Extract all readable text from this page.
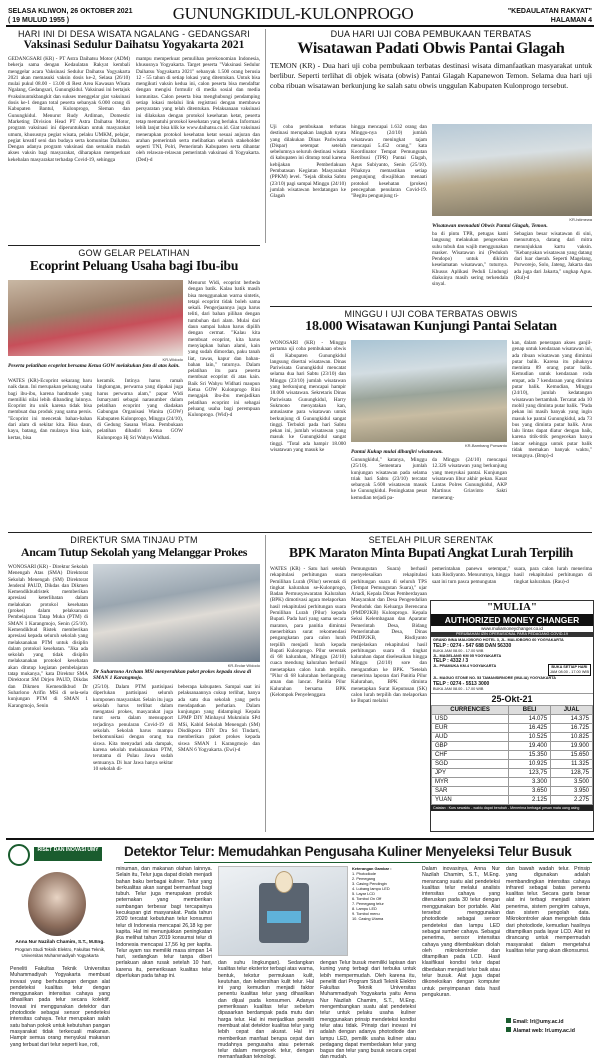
SELASA KLIWON, 26 OKTOBER 2021
( 19 MULUD 1955 )	GUNUNGKIDUL-KULONPROGO	"KEDAULATAN RAKYAT"
HALAMAN 4
HARI INI DI DESA WISATA NGALANG - GEDANGSARI
Vaksinasi Sedulur Daihatsu Yogyakarta 2021
GEDANGSARI (KR) - PT Astra Daihatsu Motor (ADM) bekerja sama dengan Kedaulatan Rakyat kembali menggelar acara Vaksinasi Sedulur Daihatsu Yogyakarta 2021 akan memasuki vaksin dosis ke-2, Selasa (26/10) mulai pukul 08.00 - 13.00 di Rest Area Kawasan Wisata Ngalang, Gedangsari, Gunungkidul. Vaksinasi ini bertajuk #vaksinuntukbangkit dan sukses menggelar giat vaksinasi dosis ke-1 dengan total peserta sebanyak 6.000 orang di Kabupaten Bantul, Kulonprogo, Sleman dan Gunungkidul. Menurut Rudy Ardiman, Domestic Marketing Division Head PT Astra Daihatsu Motor, program vaksinasi ini diperuntukkan untuk masyarakat umum, khususnya pegiat wisata, pelaku UMKM, pelajar, pegiat kreatif seni dan budaya serta komunitas Daihatsu. Dengan adanya program vaksinasi dan semakin mudah akses vaksin bagi masyarakat, diharapkan memperkuat kekebalan masyarakat terhadap Covid-19, sehingga
mampu memperkuat pemulihan perekonomian Indonesia, khususnya Yogyakarta. Target peserta "Vaksinasi Sedulur Daihatsu Yogyakarta 2021" sebanyak 1.500 orang berusia 12 - 55 tahun di setiap lokasi yang ditentukan. Untuk bisa mengikuti vaksin kedua ini, calon peserta bisa mendaftar dengan mengisi formulir di media sosial dan media komunitas. Calon peserta bisa menghubungi pendamping setiap lokasi melalui link registrasi dengan membawa persyaratan yang telah ditentukan. Pelaksanaan vaksinasi ini dilakukan dengan protokol kesehatan ketat, peserta tetap mematuhi protokol kesehatan yang berlaku. Informasi lebih lanjut bisa klik ke www.daihatsu.co.id. Giat vaksinasi menerapkan protokol kesehatan ketat sesuai anjuran dan arahan pemerintah serta melibatkan seluruh stakeholder seperti TNI, Polri, Pemerintah Kabupaten serta dihantar oleh relawan-relawan pemerintah vaksinasi di Yogyakarta. (Ded)-d
DUA HARI UJI COBA PEMBUKAAN TERBATAS
Wisatawan Padati Obwis Pantai Glagah
TEMON (KR) - Dua hari uji coba pembukaan terbatas destinasi wisata dimanfaatkan masyarakat untuk berlibur. Seperti terlihat di objek wisata (obwis) Pantai Glagah Kapanewon Temon. Selama dua hari uji coba ribuan wisatawan berkunjung ke salah satu obwis unggulan Kabupaten Kulonprogo tersebut.
Uji coba pembukaan terbatas destinasi merupakan langkah nyata yang dilakukan Dinas Pariwisata (Dispar) setempat setelah sebelumnya seluruh destinasi wisata di kabupaten ini ditutup total karena kebijakan Pemberlakuan Pembatasan Kegiatan Masyarakat (PPKM) level. "Sejak dibuka Sabtu (23/10) pagi sampai Minggu (24/10) jumlah wisatawan berdatangan ke Glagah
hingga mencapai 1.632 orang dan Minggu-nya (24/10) jumlah wisatawan meningkat tajam mencapai 5.452 orang," kata Koordinator Tempat Pemungutan Retribusi (TPR) Pantai Glagah, Agus Subiyanto, Senin (25/10). Pihaknya memastikan setiap pengunjung diwajibkan menaati protokol kesehatan (prokes) pencegahan penularan Covid-19. "Begitu pengunjung ti-
KR-Istimewa
Wisatawan memadati Obwis Pantai Glagah, Temon.
ba di pintu TPR, petugas kami langsung melakukan pengecekan suhu tubuh dan wajib menggunakan masker. Wisatawan ini (Pedukuh Pendopo) untuk dikirim keselamatan wisatawan," tuturnya. Khusus Aplikasi Peduli Lindungi diakuinya masih sering terkendala sinyal.
Sebagian besar wisatawan di sini, menurutnya, datang dari mitra menunjukkan kartu vaksin. "Kebanyakan wisatawan yang datang dari luar daerah. Seperti Magelang, Purworejo, Solo, Jateng, Jakarta dan ada juga dari Jakarta," ungkap Agus. (Rul)-d
GOW GELAR PELATIHAN
Ecoprint Peluang Usaha bagi Ibu-ibu
KR-Widodo
Peserta pelatihan ecoprint bersama Ketua GOW melakukan foto di atas kain.
WATES (KR)-Ecoprint sekarang baru naik daun. Ini merupakan peluang usaha bagi ibu-ibu, karena handmade yang memiliki nilai lebih dibanding lainnya. Ecoprint itu unik karena tidak bisa membuat dua produk yang sama persis. "Ecoprint ini mencetak bahan-bahan dari alam di sekitar kita. Bisa daun, kayu, batang, dan mulanya bisa kain, kertas, bisa
keramik. Intinya harus ramah lingkungan, perwarna yang dipakai juga harus perwarna alam," papar Widi Ismaryanti sebagai narasumber dalam pelatihan ecoprint yang diadakan Gabungan Organisasi Wanita (GOW) Kabupaten Kulonprogo, Minggu (24/10), di Gedung Sasana Wiasa. Pembukaan pelatihan dihadiri Ketua GOW Kulonprogo Hj Sri Wahyu Widhati.
Menurut Widi, ecoprint berbeda dengan batik. Kalau batik masih bisa menggunakan warna sintetis, tetapi ecoprint tidak boleh sama sekali. Pengerjaannya juga harus teliti, dari bahan pilihan dengan tumbuhan dari alam. Mulai dari daun sampai bahan harus dipilih dengan cermat. "Kalau kita membuat ecoprint, kita harus menyiapkan bahan alami, kain yang sudah dimordan, paku tanah liat, tawas, kapur dan bahan-bahan lain," tuturnya. Dalam pelatihan itu para peserta membuat ecoprint di atas kain. Baik Sri Wahyu Widhati maupun Ketua GOW Kulonprogo Rini mengajak ibu-ibu menjadikan pelatihan ecoprint ini sebagai peluang usaha bagi perempuan Kulonprogo. (Wid)-d
MINGGU I UJI COBA TERBATAS OBWIS
18.000 Wisatawan Kunjungi Pantai Selatan
WONOSARI (KR) - Minggu pertama uji coba pembukaan obwis di Kabupaten Gunungkidul langsung disertai wisatawan. Dinas Pariwisata Gunungkidul mencatat selama dua hari Sabtu (23/10) dan Minggu (23/10) jumlah wisatawan yang berkunjung mencapai hampir 18.000 wisatawan. Sekretaris Dinas Pariwisata Gunungkidul, Harry Sukmono menyatakan kan, antusiasme para wisatawan untuk berkunjung di Gunungkidul sangat tinggi. Terbukti pada hari Sabtu pekan ini, jumlah wisatawan yang masuk ke Gunungkidul sangat tinggi. "Total ada hampir 18.000 wisatawan yang masuk ke
KR-Bambang Purwanto
Pantai Kukup mulai dibanjiri wisatawan.
Gunungkidul," katanya, Minggu (25/10). Sementara jumlah kunjungan wisatawan pada selama triak hari Sabtu (23/10) tercatat sebanyak 5.608 wisatawan masuk ke Gunungkidul. Peningkatan pesat kemudian terjadi pa-
da Minggu (24/10) mencapai 12.326 wisatawan yang berkunjung yang menyukai pantai. Kunjungan wisatawan libur akhir pekan. Kasat Lantas Polres Gunungkidul, AKP Martinus Griavinto Sakti menerang-
kan, dalam penerapan akses ganjil-genap untuk kendaraan wisatawan ini, ada ribuan wisatawan yang dimintai putar balik. Karena itu pihaknya meminta 89 orang putar balik. Kemudian untuk kendaraan roda empat, ada 7 kendaraan yang diminta putar balik. Kemudian, Minggu (24/10), jumlah kedatangan wisatawan bertambah. Tercatat ada 10 mobil yang diminta putar balik. "Pada pekan ini masih banyak yang ingin masuk ke pantai Gunungkidul, ada 73 bus yang diminta putar balik. Arus lalu lintas dapat diatur dengan baik, karena titik-titik pengecekan hanya lancar sehingga untuk putar balik tidak memakan banyak waktu," terangnya. (Bmp)-d
DIREKTUR SMA TINJAU PTM
Ancam Tutup Sekolah yang Melanggar Prokes
WONOSARI (KR) - Direktur Sekolah Menengah Atas (SMA) Direktorat Sekolah Menengah (SM) Direktorat Jenderal PAUD, Dikdas dan Dikmen Kemendikbudristek memberikan apresiasi keterlibatan dalam melakukan protokol kesehatan (prokes) dalam pelaksanaan Pembelajaran Tatap Muka (PTM) di SMAN 1 Karangmojo, Senin (25/10). Kemendikbud Ristek memberikan apresiasi kepada seluruh sekolah yang melaksanakan PTM untuk disiplin dalam protokol kesehatan. "Jika ada sekolah yang tidak disiplin melaksanakan protokol kesehatan akan ditutup kegiatan pembelajaran tatap mukanya," kata Direktur SMA Direktorat SM Dirjen PAUD, Dikdas dan Dikmen Kemendikbud Dr Suharlono Arifin MSi di sela-sela kunjungan PTM di SMAN 1 Karangmojo, Senin
KR-Endar Widodo
Dr Suhartono Archam MSi menyerahkan paket prokes kepada siswa di SMAN 1 Karangmojo.
(25/10). Dalam PTM partisipasi diperlukan partisipasi seluruh komponen masyarakat. Selain itu juga sekolah harus terlibat dalam mengatasi prokes, masyarakat juga turut serta dalam mensupport terjadinya penularan Covid-19 di sekolah. Sekolah harus mampu berkomunikasi dengan orang tua siswa. Kita menyadari ada dampak, karena sekolah melaksanakan PTM, terutama di Pulau Jawa sudah semuanya. Di luar Jawa hanya sekitar 10 sekolah di-
beberapa kabupaten. Sampai saat ini pelaksanaannya cukup terlihat, hanya ada satu dua sekolah yang perlu mendapatkan perhatian. Dalam kunjungan yang didampingi Kepala LPMP DIY Minhayul Mukminin SPd MSi, Kabid Sekolah Menengah (SM) Disdikpora DIY Dra Sri Tindarti, memberikan paket prokes kepada siswa SMAN 1 Karangmojo dan SMAN 6 Yogyakarta. (Ewi)-d
SETELAH PILUR SERENTAK
BPK Maraton Minta Bupati Angkat Lurah Terpilih
WATES (KR) - Satu hari setelah rekapitulasi perhitungan suara Pemilihan Lurah (Pilur) serentak di tingkat kalurahan se-Kulonprogo, Badan Permusyawaratan Kalurahan (BPK) dimotivasi agara melaporkan hasil rekapitulasi perhitungan suara Pemilihan Lurah (Pilur) kepada Bupati. Pada hari yang sama secara maraton, para panitia dimintai menerbitkan surat rekomendasi pengangkatan para calon lurah terpilih menjadi lurah kepada Bupati Kulonprogo. Pilur serentak di 68 kalurahan, Minggu (24/10) cuaca mendung kalurahan berhasil menetapkan calon lurah terpilih. "Pilur di 68 kalurahan berlangsung aman dan lancar. Panitia Pilur Kalurahan bersama BPK (Kelompok Penyelenggara
Pemungutan Suara) berhasil menyelesaikan rekapitulasi perhitungan suara di seluruh TPS (Tempat Pemungutan Suara)," ujar Ariadi, Kepala Dinas Pemberdayaan Masyarakat dan Desa Pengendalian Penduduk dan Keluarga Berencana (PMDP2KB) Kulonprogo. Kepala Seksi Kelembagaan dan Aparatur Pemerintah Desa, Bidang Pemerintahan Desa, Dinas PMDP2KB, Risdiyanto menjelaskan rekapitulasi hasil perhitungan suara di tingkat kalurahan dapat diselesaikan hingga Minggu (24/10) sore dan mengaratkan ke BPK. "Setelah menerima laporan dari Panitia Pilur Kalurahan, BPK diminta menetapkan Surat Keputusan (SK) calon lurah terpilih dan melaporkan ke Bupati melalui
pemerintahan panewu setempat," kata Risdiyanto. Menurutnya, hingga saat ini turn pasca pemungutan
suara, para calon lurah menerima hasil rekapitulasi perhitungan di tingkat kalurahan. (Rau)-d
"MULIA"
AUTHORIZED MONEY CHANGER
www.muliamoneychanger.co.id
PERUBAHAN IZIN OPERASIONAL PARA PEDAGANG COVID-19
GRAND INNA MALIOBORO HOTEL 3, JL. MALIOBORO 60 YOGYAKARTA
TELP : 0274 - 547 688 DAN 56330
BUKA JAM 08.00 - 17.00 WIB
JL. MAGELANG KM 05 YOGYAKARTA
TELP : 4332 / 3
JL. PRAMUKA KM.4 YOGYAKARTA	BUKA SETIAP HARI
JAM 08.00 - 17.00 WIB
JL. MAGUO STONE NO. 53 TAMANSIRNORE (MULIA) YOGYAKARTA
TELP : 0274 - 5513 3000
BUKA JAM 08.00 - 17.00 WIB
25-Okt-21
CURRENCIES	BELI	JUAL
USD	14.075	14.375
EUR	16.425	16.725
AUD	10.525	10.825
GBP	19.400	19.900
CHF	15.350	15.650
SGD	10.925	11.325
JPY	123,75	128,75
MYR	3.300	3.500
SAR	3.650	3.950
YUAN	2.125	2.275
Catatan : Kurs sewaktu - waktu dapat berubah - Menerima berbagai pesan mata uang asing
RISET DAN INOVASI UMY Detektor Telur: Memudahkan Pengusaha Kuliner Menyeleksi Telur Busuk
Anna Nur Nazilah Chamim, S.T., M.Eng.
Program Studi Teknik Elektro, Fakultas Teknik, Universitas Muhammadiyah Yogyakarta
Peneliti Fakultas Teknik Universitas Muhammadiyah Yogyakarta membuat inovasi yang berhubungan dengan alat pendeteksi kualitas telur dengan menggunakan intensitas cahaya yang dihasilkan pada telur secara kolektif. Inovasi ini menggunakan detektor dan photodiode sebagai sensor pendeteksi intensitas cahaya. Telur merupakan salah satu bahan pokok untuk kebutuhan pangan masyarakat tidak terkecuali makanan. Hampir semua orang menyukai makanan yang terbuat dari telur seperti kue, roti,
minuman, dan makanan olahan lainnya. Selain itu, Telur juga dapat diolah menjadi bahan baku berbagai kuliner. Telur yang berkualitas akan sangat bermanfaat bagi tubuh. Telur juga merupakan produk peternakan yang memberikan sumbangan terbesar bagi tercapainya kecukupan gizi masyarakat. Pada tahun 2020 tercatat kebutuhan telur konsumsi telur di Indonesia mencapai 26,18 kg per kapita. Hal ini menunjukkan peningkatan jika melihat tahun 2019 konsumsi telur di Indonesia mencapai 17,56 kg per kapita. Telur ayam ras memiliki masa simpan 14 hari, sedangkan telur tanpa diberi perlakuan akan rusak setelah 10 hari, karena itu, pemeriksaan kualitas telur diperlukan pada tahap ini.
Keterangan Gambar :
1. Photodiode
2. Pemegang
3. Casing Pendingin
4. Lubang lampu LED
5. Layar LCD
6. Tombol On Off
7. Pemegang telur
8. Lampu LED
9. Tombol menu
10. Casing Utama
dan suhu lingkungan). Sedangkan kualitas telur eksterior terbagi atas warna, bentuk, tekstur permukaan kulit, keutuhan, dan kebersihan kulit telur. Hal ini yang kemudian menjadi faktor penentu kualitas telur yang dihasilkan dan dijual pada konsumen. Adanya pemeriksaan kualitas telur sebelum dipasarkan berdampak pada mutu dan harga telur. Hal ini menjadikan peneliti membuat alat detektor kualitas telur yang lebih cepat dan akurat. Hal ini memberikan manfaat berupa cepat dan mudahnya pengusaha atau peternak telur dalam mengecek telur, dengan memanfaatkan teknologi.
dengan Telur busuk memiliki lapisan dan kuning yang terbagi dari terbuka untuk lebih mempermudah. Oleh karena itu, peneliti dari Program Studi Teknik Elektro Fakultas Teknik Universitas Muhammadiyah Yogyakarta yaitu Anna Nur Nazilah Chamim, S.T., M.Eng. mengembangkan suatu alat pendeteksi telur untuk pelaku usaha kuliner menggunakan prinsip mendeteksi kondisi telur atau tidak. Prinsip dari inovasi ini adalah dengan adanya photodiode dan lampu LED, pemilik usaha kuliner atau pedagang dapat membedakan telur yang bagus dan telur yang busuk secara cepat dan mudah.
Dalam inovasinya, Anna Nur Nazilah Chamim, S.T., M.Eng. merancang suatu alat pendeteksi kualitas telur melalui analisis intensitas cahaya yang diteruskan pada 30 telur dengan menggunakan bor portable. Alat tersebut menggunakan photodiode sebagai sensor pendeteksi dan lampu LED sebagai sumber cahaya. Sebagai penerima, sensor intensitas cahaya yang ditembakkan diolah oleh mikrokontroler dan ditampilkan pada LCD. Hasil klasifikasi kondisi telur dapat dibedakan menjadi telur baik atau telur busuk. Alat juga dapat dikoneksikan dengan komputer untuk penyimpanan data hasil pengukuran.
dan bawah wadah telur. Prinsip yang digunakan adalah membandingkan intensitas cahaya infrared sebagai batas penentu kualitas telur. Secara garis besar alat ini terbagi menjadi sistem penerima, sistem pengirim cahaya, dan sistem pengolah data. Mikrokontroler akan mengolah data dari photodiode, kemudian hasilnya ditampilkan pada layar LCD. Alat ini dirancang untuk mempermudah masyarakat dalam mengetahui kualitas telur yang akan dikonsumsi.
Email: lri@umy.ac.id
Alamat web: lri.umy.ac.id
